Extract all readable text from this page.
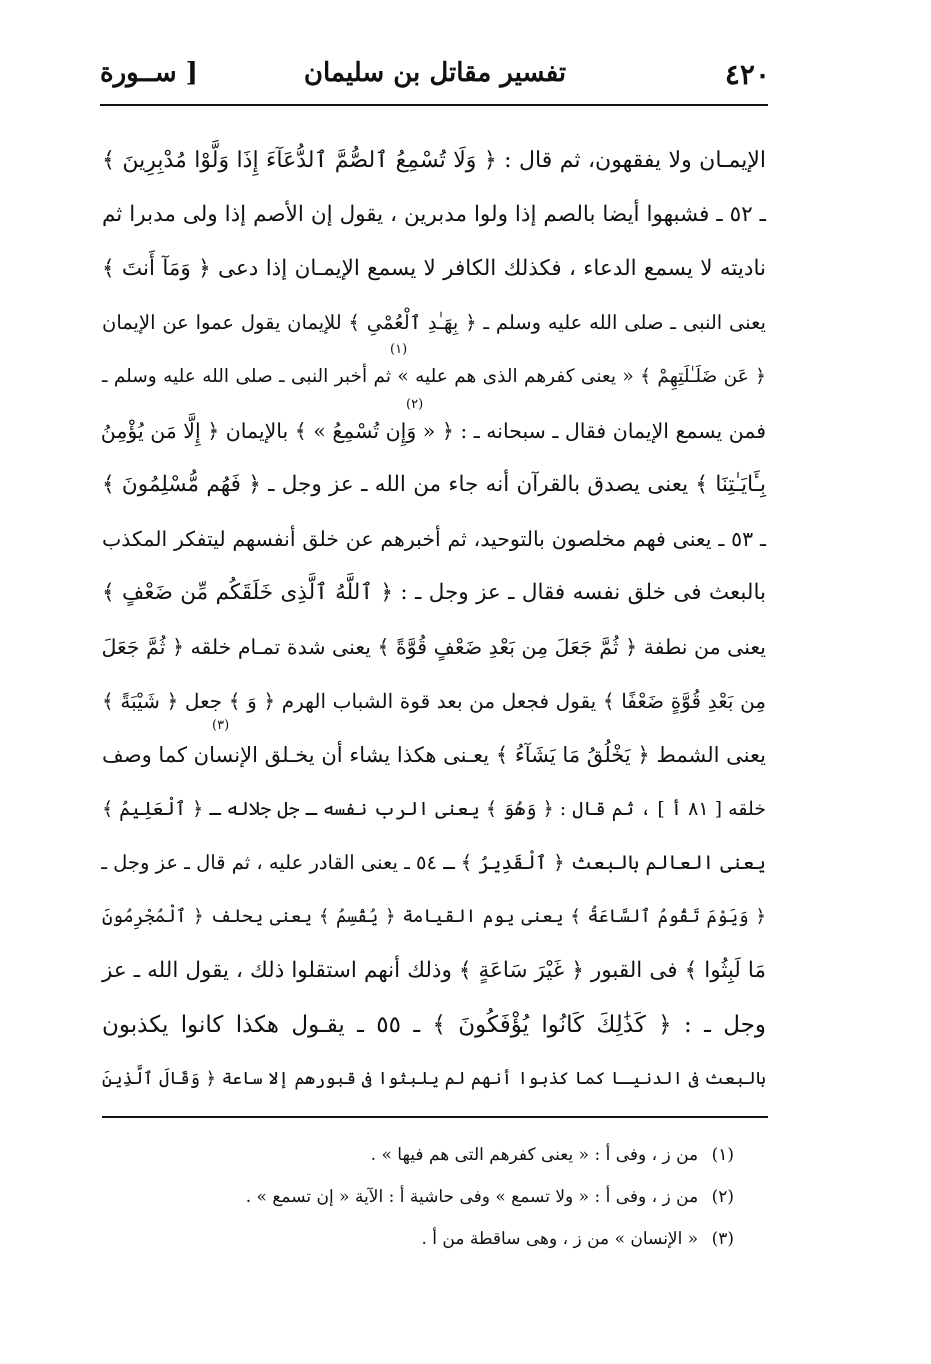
٤٢٠
تفسير مقاتل بن سليمان
[ ســورة
الإيمـان ولا يفقهون، ثم قال : ﴿ وَلَا تُسْمِعُ ٱلصُّمَّ ٱلدُّعَآءَ إِذَا وَلَّوْا مُدْبِرِينَ ﴾
ـ ٥٢ ـ فشبهوا أيضا بالصم إذا ولوا مدبرين ، يقول إن الأصم إذا ولى مدبرا ثم
ناديته لا يسمع الدعاء ، فكذلك الكافر لا يسمع الإيمـان إذا دعى ﴿ وَمَآ أَنتَ ﴾
يعنى النبى ـ صلى الله عليه وسلم ـ ﴿ بِهَـٰدِ ٱلْعُمْىِ ﴾ للإيمان يقول عموا عن الإيمان
﴿ عَن ضَلَـٰلَتِهِمْ ﴾ « يعنى كفرهم الذى هم عليه » ثم أخبر النبى ـ صلى الله عليه وسلم ـ
فمن يسمع الإيمان فقال ـ سبحانه ـ : ﴿ « وَإِن تُسْمِعُ » ﴾ بالإيمان ﴿ إِلَّا مَن يُؤْمِنُ
بِـَٔايَـٰتِنَا ﴾ يعنى يصدق بالقرآن أنه جاء من الله ـ عز وجل ـ ﴿ فَهُم مُّسْلِمُونَ ﴾
ـ ٥٣ ـ يعنى فهم مخلصون بالتوحيد، ثم أخبرهم عن خلق أنفسهم ليتفكر المكذب
بالبعث فى خلق نفسه فقال ـ عز وجل ـ : ﴿ ٱللَّهُ ٱلَّذِى خَلَقَكُم مِّن ضَعْفٍ ﴾
يعنى من نطفة ﴿ ثُمَّ جَعَلَ مِن بَعْدِ ضَعْفٍ قُوَّةً ﴾ يعنى شدة تمـام خلقه ﴿ ثُمَّ جَعَلَ
مِن بَعْدِ قُوَّةٍ ضَعْفًا ﴾ يقول فجعل من بعد قوة الشباب الهرم ﴿ وَ ﴾ جعل ﴿ شَيْبَةً ﴾
يعنى الشمط ﴿ يَخْلُقُ مَا يَشَآءُ ﴾ يعـنى هكذا يشاء أن يخـلق الإنسان كما وصف
خلقه [ ٨١ أ ] ، ثم قال : ﴿ وَهُوَ ﴾ يعنى الرب نفسه ـ جل جلاله ـ ﴿ ٱلْعَلِيمُ ﴾
يعنى العالم بالبعث ﴿ ٱلْقَدِيرُ ﴾ ـ ٥٤ ـ يعنى القادر عليه ، ثم قال ـ عز وجل ـ
﴿ وَيَوْمَ تَقُومُ ٱلسَّاعَةُ ﴾ يعنى يوم القيامة ﴿ يُقْسِمُ ﴾ يعنى يحلف ﴿ ٱلْمُجْرِمُونَ
مَا لَبِثُوا ﴾ فى القبور ﴿ غَيْرَ سَاعَةٍ ﴾ وذلك أنهم استقلوا ذلك ، يقول الله ـ عز
وجل ـ : ﴿ كَذَٰلِكَ كَانُوا يُؤْفَكُونَ ﴾ ـ ٥٥ ـ يقـول هكذا كانوا يكذبون
بالبعث فى الدنيـا كما كذبوا أنهم لم يلبثوا فى قبورهم إلا ساعة ﴿ وَقَالَ ٱلَّذِينَ
(١)
(٢)
(٣)
(١) من ز ، وفى أ : « يعنى كفرهم التى هم فيها » .
(٢) من ز ، وفى أ : « ولا تسمع » وفى حاشية أ : الآية « إن تسمع » .
(٣) « الإنسان » من ز ، وهى ساقطة من أ .
